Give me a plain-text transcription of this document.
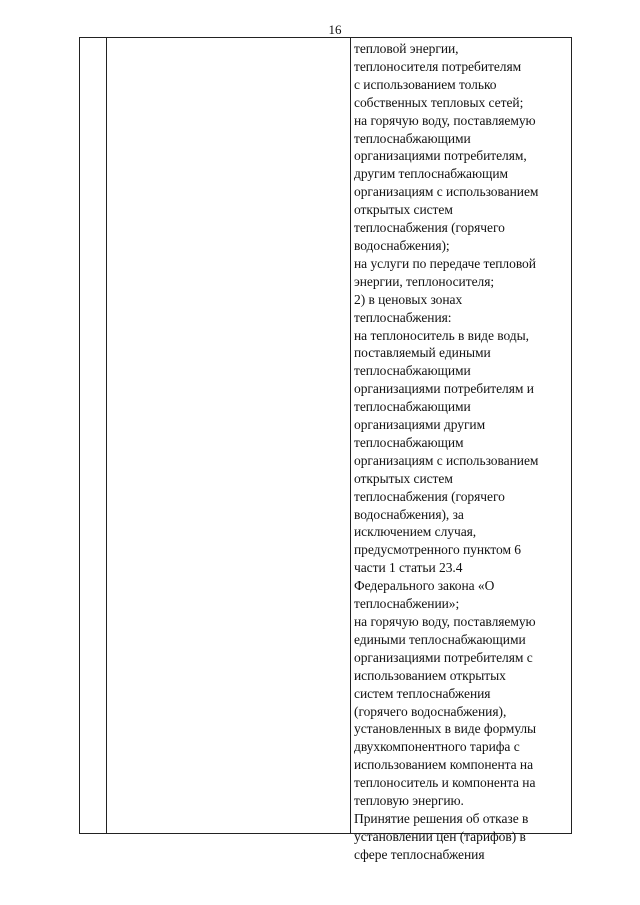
16
тепловой энергии,
теплоносителя потребителям
с использованием только
собственных тепловых сетей;
на горячую воду, поставляемую
теплоснабжающими
организациями потребителям,
другим теплоснабжающим
организациям с использованием
открытых систем
теплоснабжения (горячего
водоснабжения);
на услуги по передаче тепловой
энергии, теплоносителя;
2) в ценовых зонах
теплоснабжения:
на теплоноситель в виде воды,
поставляемый едиными
теплоснабжающими
организациями потребителям и
теплоснабжающими
организациями другим
теплоснабжающим
организациям с использованием
открытых систем
теплоснабжения (горячего
водоснабжения), за
исключением случая,
предусмотренного пунктом 6
части 1 статьи 23.4
Федерального закона «О
теплоснабжении»;
на горячую воду, поставляемую
едиными теплоснабжающими
организациями потребителям с
использованием открытых
систем теплоснабжения
(горячего водоснабжения),
установленных в виде формулы
двухкомпонентного тарифа с
использованием компонента на
теплоноситель и компонента на
тепловую энергию.
Принятие решения об отказе в
установлении цен (тарифов) в
сфере теплоснабжения
